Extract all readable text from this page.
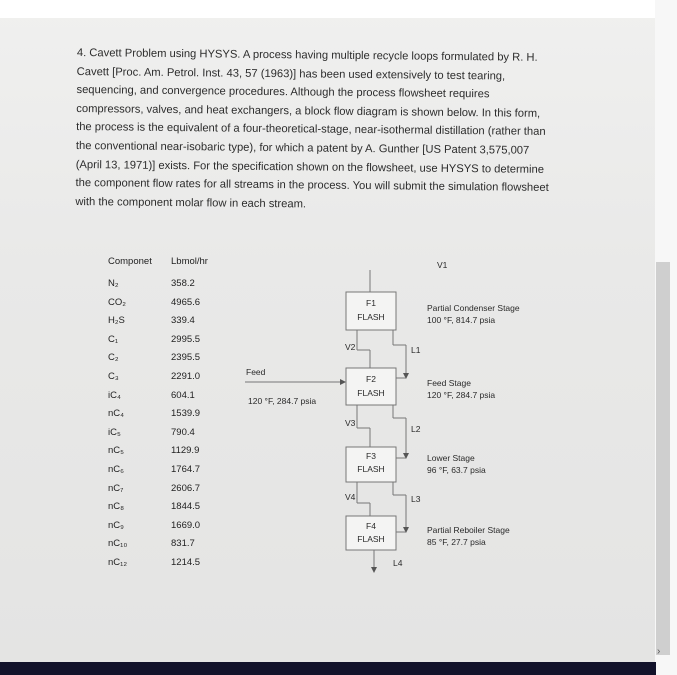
›
4. Cavett Problem using HYSYS. A process having multiple recycle loops formulated by R. H.
Cavett [Proc. Am. Petrol. Inst. 43, 57 (1963)] has been used extensively to test tearing,
sequencing, and convergence procedures. Although the process flowsheet requires
compressors, valves, and heat exchangers, a block flow diagram is shown below. In this form,
the process is the equivalent of a four-theoretical-stage, near-isothermal distillation (rather than
the conventional near-isobaric type), for which a patent by A. Gunther [US Patent 3,575,007
(April 13, 1971)] exists. For the specification shown on the flowsheet, use HYSYS to determine
the component flow rates for all streams in the process. You will submit the simulation flowsheet
with the component molar flow in each stream.
Componet Lbmol/hr
N₂	358.2
CO₂	4965.6
H₂S	339.4
C₁	2995.5
C₂	2395.5
C₃	2291.0
iC₄	604.1
nC₄	1539.9
iC₅	790.4
nC₅	1129.9
nC₆	1764.7
nC₇	2606.7
nC₈	1844.5
nC₉	1669.0
nC₁₀	831.7
nC₁₂	1214.5
F1
FLASH
F2
FLASH
F3
FLASH
F4
FLASH
V1
V2
V3
V4
L1
L2
L3
L4
Feed
120 °F, 284.7 psia
Partial Condenser Stage
100 °F, 814.7 psia
Feed Stage
120 °F, 284.7 psia
Lower Stage
96 °F, 63.7 psia
Partial Reboiler Stage
85 °F, 27.7 psia
